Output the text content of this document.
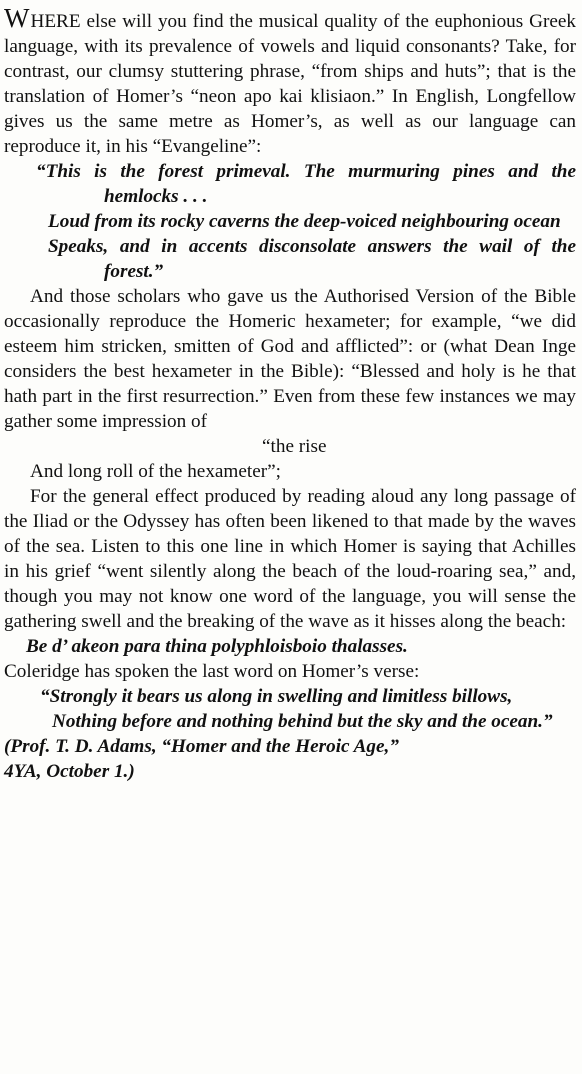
WHERE else will you find the musical quality of the euphonious Greek language, with its prevalence of vowels and liquid consonants? Take, for contrast, our clumsy stuttering phrase, “from ships and huts”; that is the translation of Homer’s “neon apo kai klisiaon.” In English, Longfellow gives us the same metre as Homer’s, as well as our language can reproduce it, in his “Evangeline”:

“This is the forest primeval. The murmuring pines and the hemlocks . . .
Loud from its rocky caverns the deep-voiced neighbouring ocean
Speaks, and in accents disconsolate answers the wail of the forest.”

And those scholars who gave us the Authorised Version of the Bible occasionally reproduce the Homeric hexameter; for example, “we did esteem him stricken, smitten of God and afflicted”: or (what Dean Inge considers the best hexameter in the Bible): “Blessed and holy is he that hath part in the first resurrection.” Even from these few instances we may gather some impression of

“the rise

And long roll of the hexameter”;

For the general effect produced by reading aloud any long passage of the Iliad or the Odyssey has often been likened to that made by the waves of the sea. Listen to this one line in which Homer is saying that Achilles in his grief “went silently along the beach of the loud-roaring sea,” and, though you may not know one word of the language, you will sense the gathering swell and the breaking of the wave as it hisses along the beach:

Be d’ akeon para thina polyphloisboio thalasses.

Coleridge has spoken the last word on Homer’s verse:

“Strongly it bears us along in swelling and limitless billows,
Nothing before and nothing behind but the sky and the ocean.”

(Prof. T. D. Adams, “Homer and the Heroic Age,”
4YA, October 1.)
